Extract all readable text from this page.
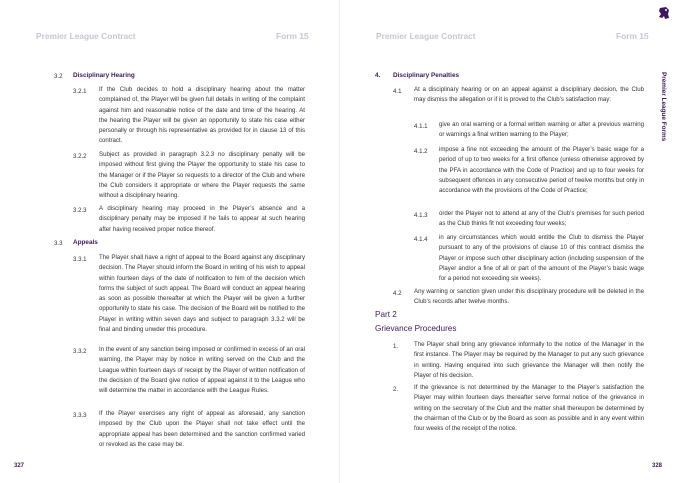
Premier League Contract	Form 15	Premier League Contract	Form 15
Premier League Forms
3.2 Disciplinary Hearing
3.2.1 If the Club decides to hold a disciplinary hearing about the matter complained of, the Player will be given full details in writing of the complaint against him and reasonable notice of the date and time of the hearing. At the hearing the Player will be given an opportunity to state his case either personally or through his representative as provided for in clause 13 of this contract.
3.2.2 Subject as provided in paragraph 3.2.3 no disciplinary penalty will be imposed without first giving the Player the opportunity to state his case to the Manager or if the Player so requests to a director of the Club and where the Club considers it appropriate or where the Player requests the same without a disciplinary hearing.
3.2.3 A disciplinary hearing may proceed in the Player’s absence and a disciplinary penalty may be imposed if he fails to appear at such hearing after having received proper notice thereof.
3.3 Appeals
3.3.1 The Player shall have a right of appeal to the Board against any disciplinary decision. The Player should inform the Board in writing of his wish to appeal within fourteen days of the date of notification to him of the decision which forms the subject of such appeal. The Board will conduct an appeal hearing as soon as possible thereafter at which the Player will be given a further opportunity to state his case. The decision of the Board will be notified to the Player in writing within seven days and subject to paragraph 3.3.2 will be final and binding unwder this procedure.
3.3.2 In the event of any sanction being imposed or confirmed in excess of an oral warning, the Player may by notice in writing served on the Club and the League within fourteen days of receipt by the Player of written notification of the decision of the Board give notice of appeal against it to the League who will determine the matter in accordance with the League Rules.
3.3.3 If the Player exercises any right of appeal as aforesaid, any sanction imposed by the Club upon the Player shall not take effect until the appropriate appeal has been determined and the sanction confirmed varied or revoked as the case may be.
327
4. Disciplinary Penalties
4.1 At a disciplinary hearing or on an appeal against a disciplinary decision, the Club may dismiss the allegation or if it is proved to the Club’s satisfaction may:
4.1.1 give an oral warning or a formal written warning or after a previous warning or warnings a final written warning to the Player;
4.1.2 impose a fine not exceeding the amount of the Player’s basic wage for a period of up to two weeks for a first offence (unless otherwise approved by the PFA in accordance with the Code of Practice) and up to four weeks for subsequent offences in any consecutive period of twelve months but only in accordance with the provisions of the Code of Practice;
4.1.3 order the Player not to attend at any of the Club’s premises for such period as the Club thinks fit not exceeding four weeks;
4.1.4 in any circumstances which would entitle the Club to dismiss the Player pursuant to any of the provisions of clause 10 of this contract dismiss the Player or impose such other disciplinary action (including suspension of the Player and/or a fine of all or part of the amount of the Player’s basic wage for a period not exceeding six weeks).
4.2 Any warning or sanction given under this disciplinary procedure will be deleted in the Club’s records after twelve months.
Part 2
Grievance Procedures
1.	The Player shall bring any grievance informally to the notice of the Manager in the first instance. The Player may be required by the Manager to put any such grievance in writing. Having enquired into such grievance the Manager will then notify the Player of his decision.
2.	If the grievance is not determined by the Manager to the Player’s satisfaction the Player may within fourteen days thereafter serve formal notice of the grievance in writing on the secretary of the Club and the matter shall thereupon be determined by the chairman of the Club or by the Board as soon as possible and in any event within four weeks of the receipt of the notice.
328
